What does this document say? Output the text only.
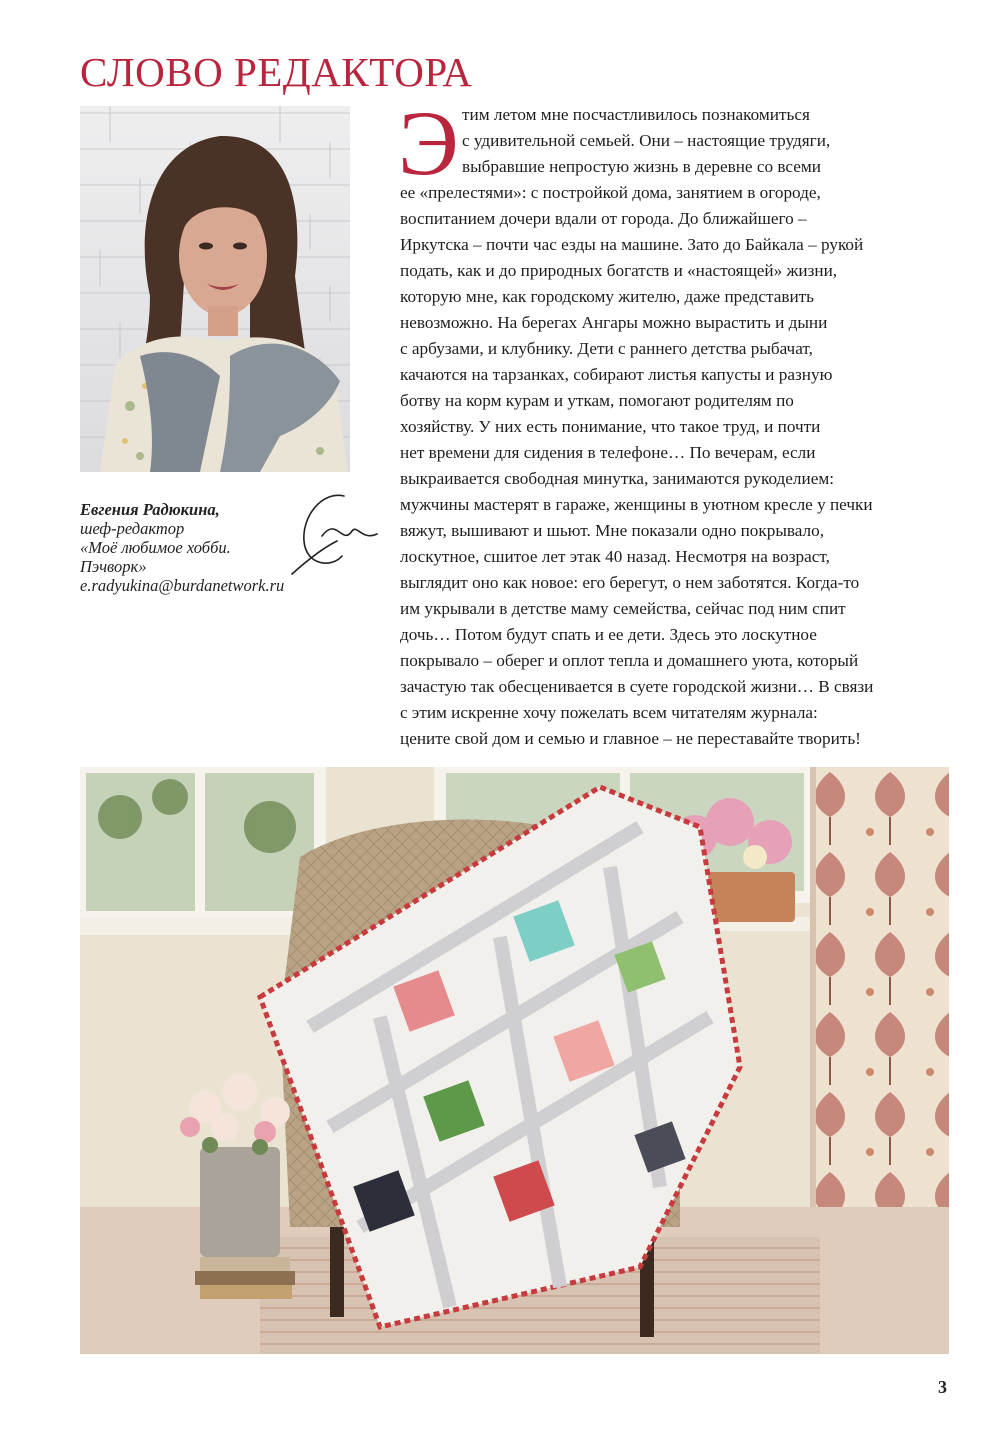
СЛОВО РЕДАКТОРА
Евгения Радюкина,
шеф-редактор
«Моё любимое хобби.
Пэчворк»
e.radyukina@burdanetwork.ru
Э тим летом мне посчастливилось познакомиться
с удивительной семьей. Они – настоящие трудяги,
выбравшие непростую жизнь в деревне со всеми
ее «прелестями»: с постройкой дома, занятием в огороде,
воспитанием дочери вдали от города. До ближайшего –
Иркутска – почти час езды на машине. Зато до Байкала – рукой
подать, как и до природных богатств и «настоящей» жизни,
которую мне, как городскому жителю, даже представить
невозможно. На берегах Ангары можно вырастить и дыни
с арбузами, и клубнику. Дети с раннего детства рыбачат,
качаются на тарзанках, собирают листья капусты и разную
ботву на корм курам и уткам, помогают родителям по
хозяйству. У них есть понимание, что такое труд, и почти
нет времени для сидения в телефоне… По вечерам, если
выкраивается свободная минутка, занимаются рукоделием:
мужчины мастерят в гараже, женщины в уютном кресле у печки
вяжут, вышивают и шьют. Мне показали одно покрывало,
лоскутное, сшитое лет этак 40 назад. Несмотря на возраст,
выглядит оно как новое: его берегут, о нем заботятся. Когда-то
им укрывали в детстве маму семейства, сейчас под ним спит
дочь… Потом будут спать и ее дети. Здесь это лоскутное
покрывало – оберег и оплот тепла и домашнего уюта, который
зачастую так обесценивается в суете городской жизни… В связи
с этим искренне хочу пожелать всем читателям журнала:
цените свой дом и семью и главное – не переставайте творить!
3
